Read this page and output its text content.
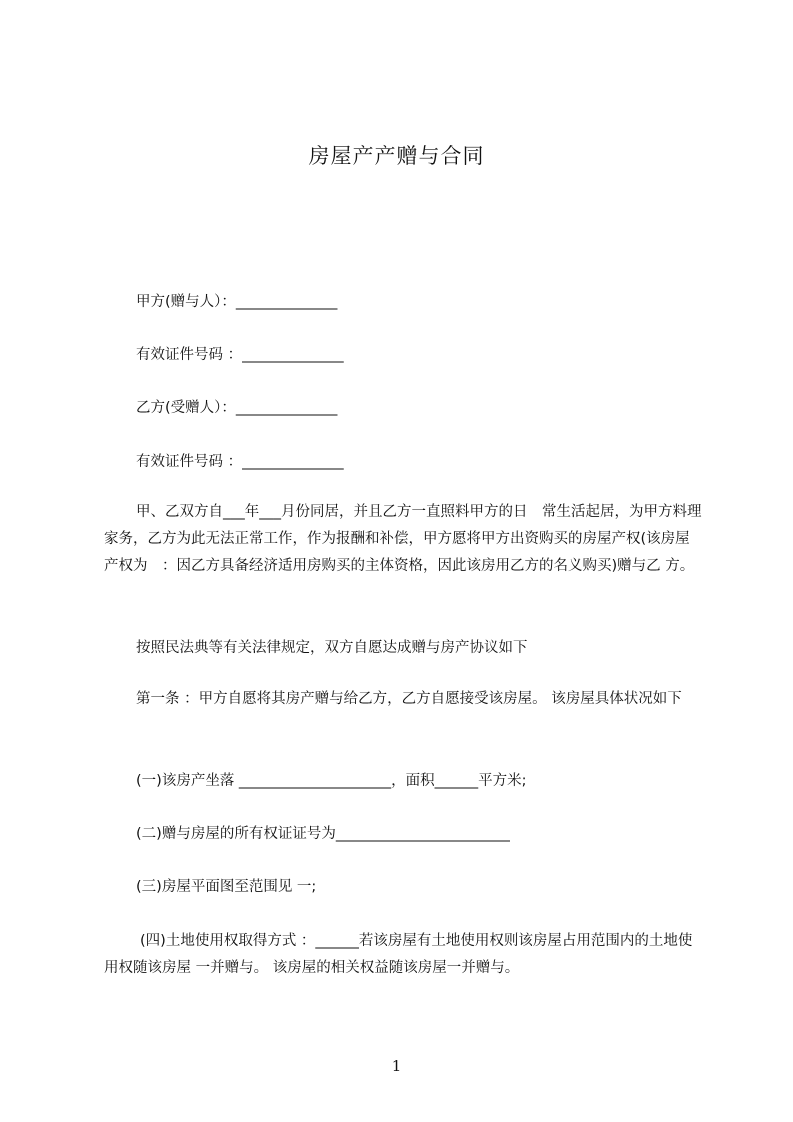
房屋产产赠与合同
甲方(赠与人）：______________
有效证件号码 ：______________
乙方(受赠人）：______________
有效证件号码 ：______________
甲、乙双方自___年___月份同居，并且乙方一直照料甲方的日　常生活起居，为甲方料理家务，乙方为此无法正常工作，作为报酬和补偿，甲方愿将甲方出资购买的房屋产权(该房屋产权为　：因乙方具备经济适用房购买的主体资格，因此该房用乙方的名义购买)赠与乙 方。
按照民法典等有关法律规定，双方自愿达成赠与房产协议如下
第一条 ：甲方自愿将其房产赠与给乙方，乙方自愿接受该房屋。 该房屋具体状况如下
(一)该房产坐落 _____________________，面积______平方米;
(二)赠与房屋的所有权证证号为________________________
(三)房屋平面图至范围见 一;
(四)土地使用权取得方式 ：______若该房屋有土地使用权则该房屋占用范围内的土地使用权随该房屋 一并赠与。 该房屋的相关权益随该房屋一并赠与。
1
